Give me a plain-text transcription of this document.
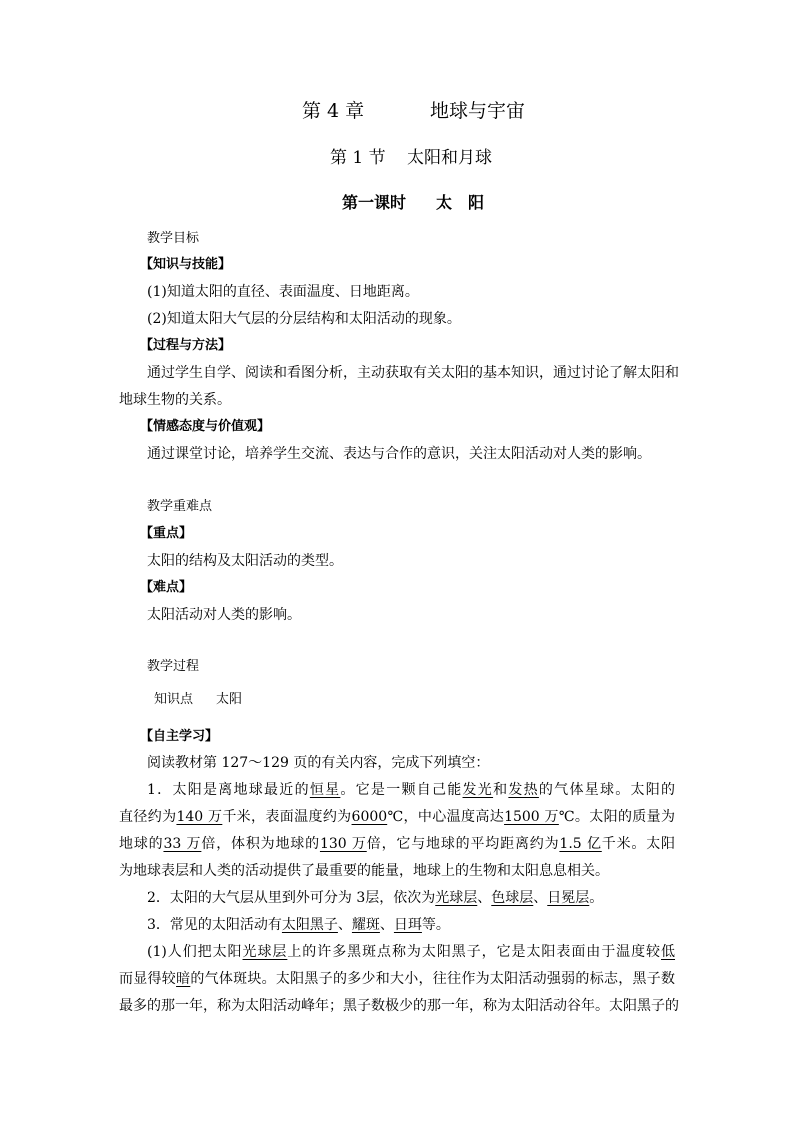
第 4 章	地球与宇宙
第 1 节 太阳和月球
第一课时 太　阳
教学目标
【知识与技能】
(1)知道太阳的直径、表面温度、日地距离。
(2)知道太阳大气层的分层结构和太阳活动的现象。
【过程与方法】
通过学生自学、阅读和看图分析，主动获取有关太阳的基本知识，通过讨论了解太阳和
地球生物的关系。
【情感态度与价值观】
通过课堂讨论，培养学生交流、表达与合作的意识，关注太阳活动对人类的影响。
教学重难点
【重点】
太阳的结构及太阳活动的类型。
【难点】
太阳活动对人类的影响。
教学过程
知识点 太阳
【自主学习】
阅读教材第 127～129 页的有关内容，完成下列填空：
1．太阳是离地球最近的恒星。它是一颗自己能发光和发热的气体星球。太阳的
直径约为140 万千米，表面温度约为6000℃，中心温度高达1500 万℃。太阳的质量为
地球的33 万倍，体积为地球的130 万倍，它与地球的平均距离约为1.5 亿千米。太阳
为地球表层和人类的活动提供了最重要的能量，地球上的生物和太阳息息相关。
2．太阳的大气层从里到外可分为 3层，依次为光球层、色球层、日冕层。
3．常见的太阳活动有太阳黑子、耀斑、日珥等。
(1)人们把太阳光球层上的许多黑斑点称为太阳黑子，它是太阳表面由于温度较低
而显得较暗的气体斑块。太阳黑子的多少和大小，往往作为太阳活动强弱的标志，黑子数
最多的那一年，称为太阳活动峰年；黑子数极少的那一年，称为太阳活动谷年。太阳黑子的
